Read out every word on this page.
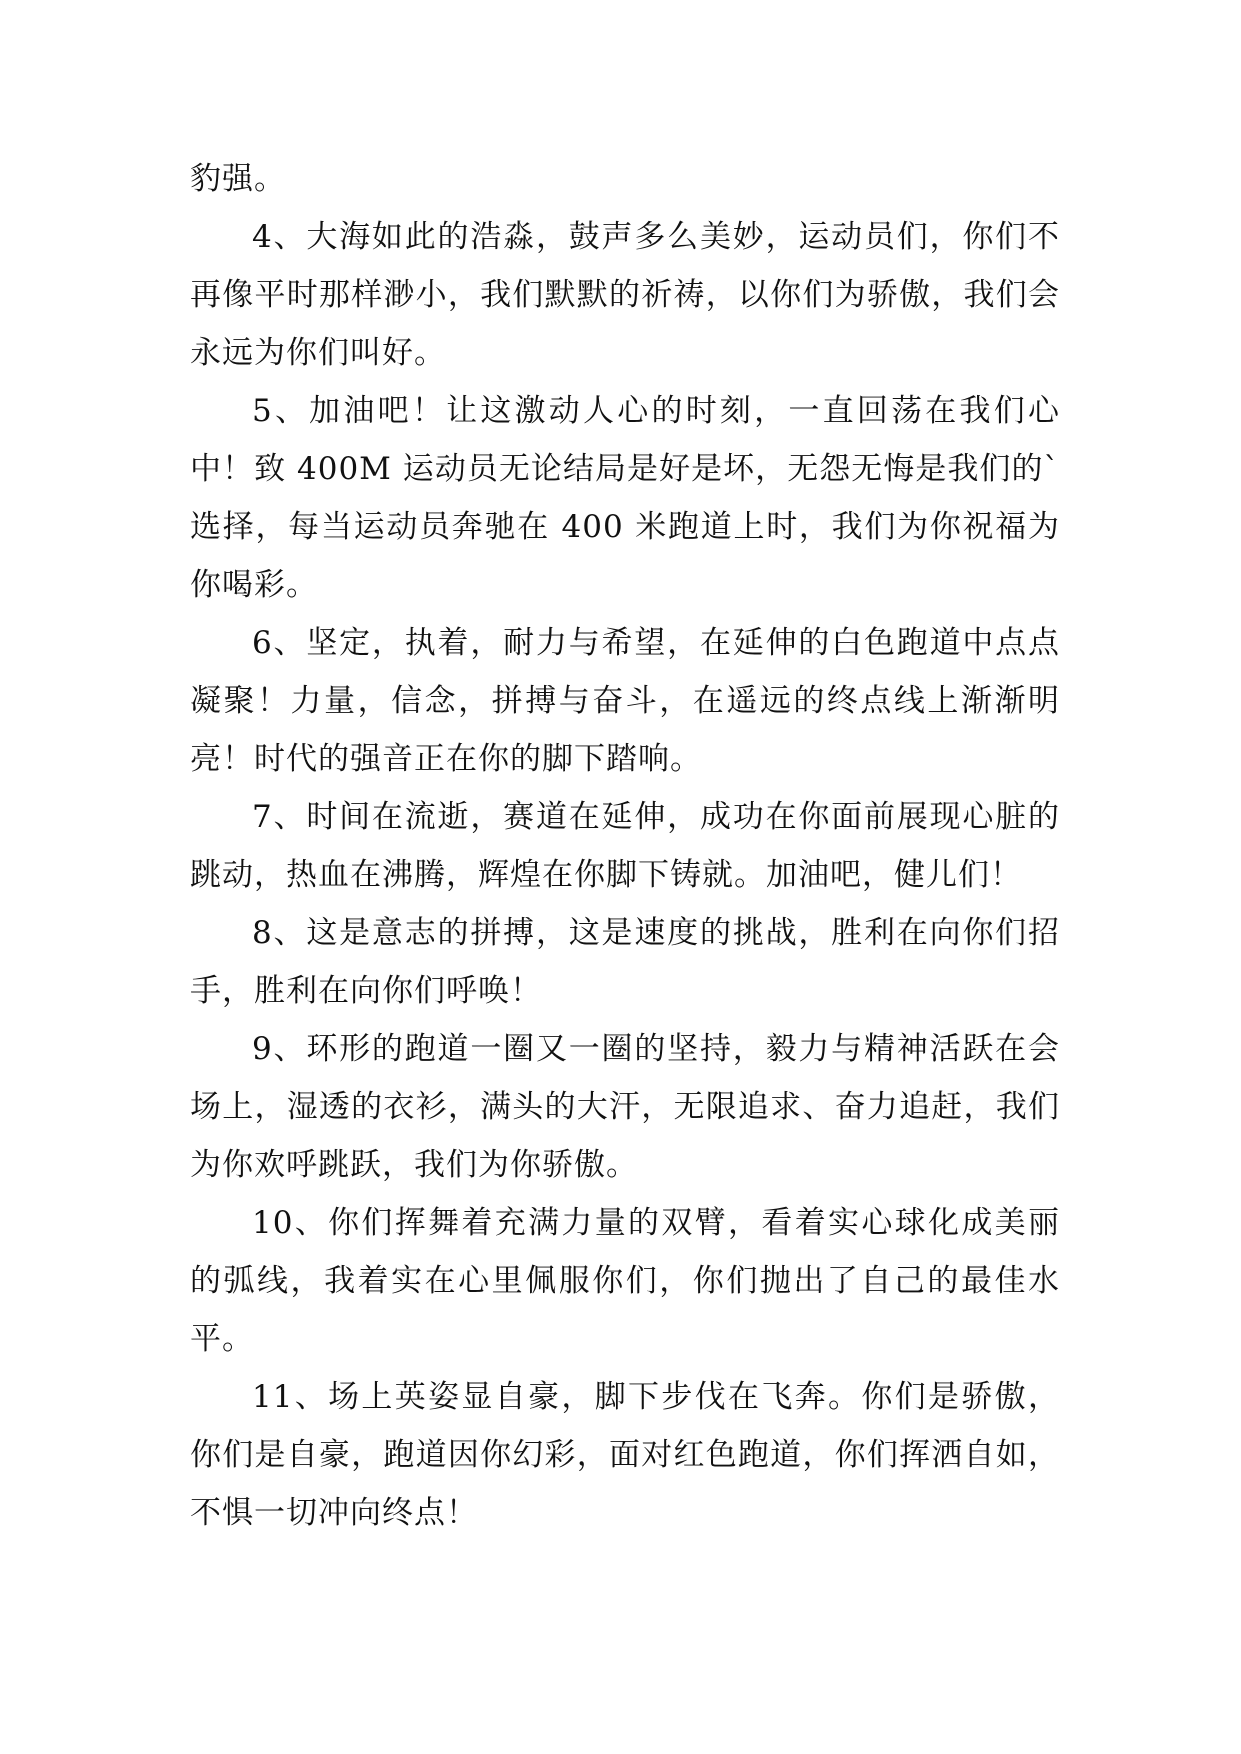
豹强。

4、大海如此的浩淼，鼓声多么美妙，运动员们，你们不再像平时那样渺小，我们默默的祈祷，以你们为骄傲，我们会永远为你们叫好。

5、加油吧！让这激动人心的时刻，一直回荡在我们心中！致 400M 运动员无论结局是好是坏，无怨无悔是我们的`选择，每当运动员奔驰在 400 米跑道上时，我们为你祝福为你喝彩。

6、坚定，执着，耐力与希望，在延伸的白色跑道中点点凝聚！力量，信念，拼搏与奋斗，在遥远的终点线上渐渐明亮！时代的强音正在你的脚下踏响。

7、时间在流逝，赛道在延伸，成功在你面前展现心脏的跳动，热血在沸腾，辉煌在你脚下铸就。加油吧，健儿们！

8、这是意志的拼搏，这是速度的挑战，胜利在向你们招手，胜利在向你们呼唤！

9、环形的跑道一圈又一圈的坚持，毅力与精神活跃在会场上，湿透的衣衫，满头的大汗，无限追求、奋力追赶，我们为你欢呼跳跃，我们为你骄傲。

10、你们挥舞着充满力量的双臂，看着实心球化成美丽的弧线，我着实在心里佩服你们，你们抛出了自己的最佳水平。

11、场上英姿显自豪，脚下步伐在飞奔。你们是骄傲，你们是自豪，跑道因你幻彩，面对红色跑道，你们挥洒自如，不惧一切冲向终点！
